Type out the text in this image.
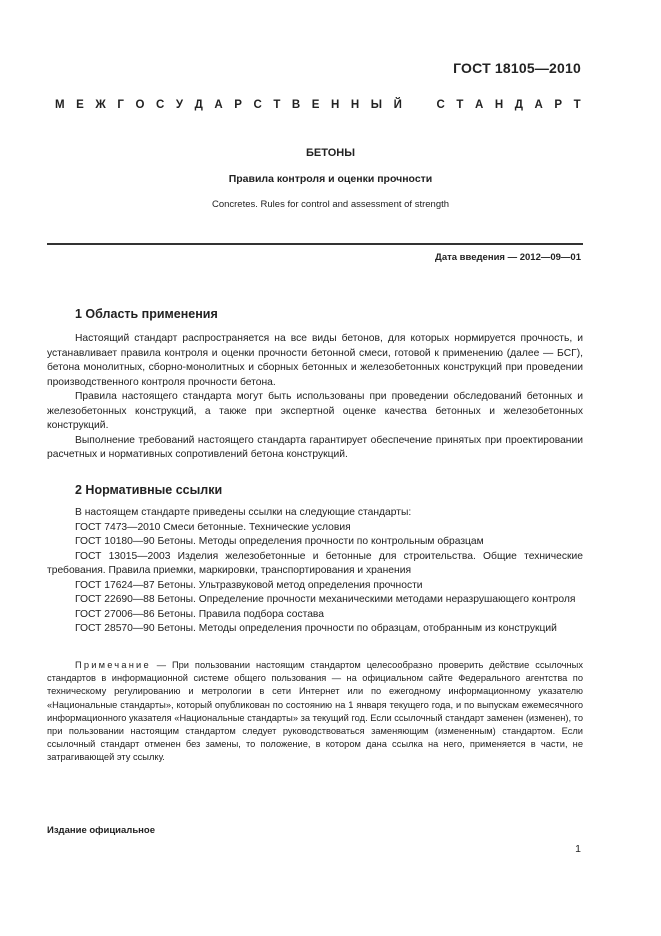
ГОСТ 18105—2010
М Е Ж Г О С У Д А Р С Т В Е Н Н Ы Й	С Т А Н Д А Р Т
БЕТОНЫ
Правила контроля и оценки прочности
Concretes. Rules for control and assessment of strength
Дата введения — 2012—09—01
1 Область применения

Настоящий стандарт распространяется на все виды бетонов, для которых нормируется прочность, и устанавливает правила контроля и оценки прочности бетонной смеси, готовой к применению (далее — БСГ), бетона монолитных, сборно-монолитных и сборных бетонных и железобетонных конструкций при проведении производственного контроля прочности бетона.

Правила настоящего стандарта могут быть использованы при проведении обследований бетонных и железобетонных конструкций, а также при экспертной оценке качества бетонных и железобетонных конструкций.

Выполнение требований настоящего стандарта гарантирует обеспечение принятых при проектировании расчетных и нормативных сопротивлений бетона конструкций.

2 Нормативные ссылки

В настоящем стандарте приведены ссылки на следующие стандарты:

ГОСТ 7473—2010 Смеси бетонные. Технические условия

ГОСТ 10180—90 Бетоны. Методы определения прочности по контрольным образцам

ГОСТ 13015—2003 Изделия железобетонные и бетонные для строительства. Общие технические требования. Правила приемки, маркировки, транспортирования и хранения

ГОСТ 17624—87 Бетоны. Ультразвуковой метод определения прочности

ГОСТ 22690—88 Бетоны. Определение прочности механическими методами неразрушающего контроля

ГОСТ 27006—86 Бетоны. Правила подбора состава

ГОСТ 28570—90 Бетоны. Методы определения прочности по образцам, отобранным из конструкций

Примечание — При пользовании настоящим стандартом целесообразно проверить действие ссылочных стандартов в информационной системе общего пользования — на официальном сайте Федерального агентства по техническому регулированию и метрологии в сети Интернет или по ежегодному информационному указателю «Национальные стандарты», который опубликован по состоянию на 1 января текущего года, и по выпускам ежемесячного информационного указателя «Национальные стандарты» за текущий год. Если ссылочный стандарт заменен (изменен), то при пользовании настоящим стандартом следует руководствоваться заменяющим (измененным) стандартом. Если ссылочный стандарт отменен без замены, то положение, в котором дана ссылка на него, применяется в части, не затрагивающей эту ссылку.
Издание официальное
1
